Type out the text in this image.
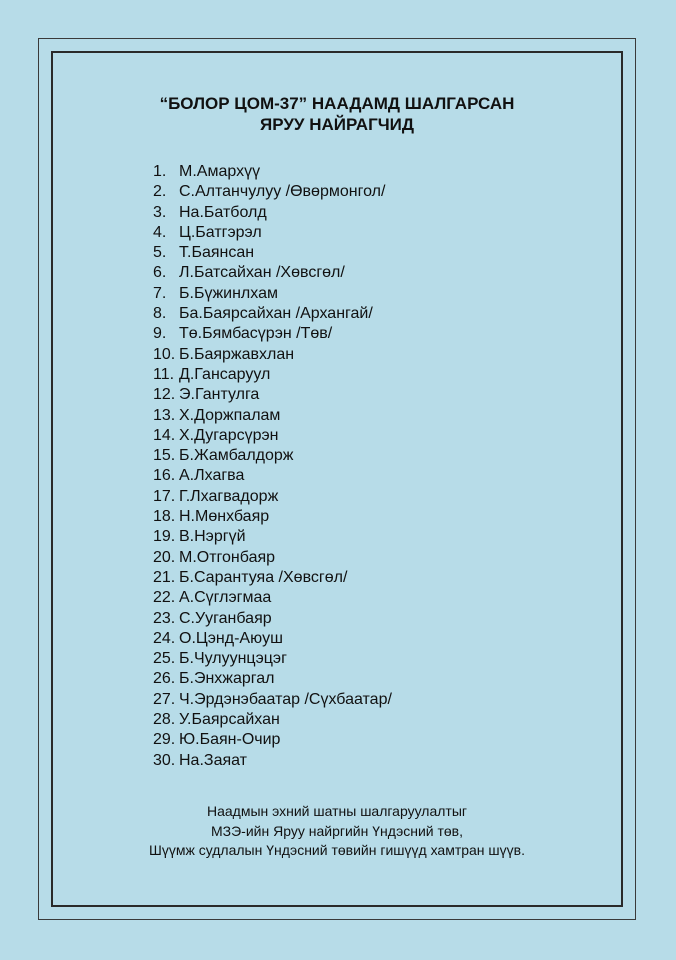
“БОЛОР ЦОМ-37” НААДАМД ШАЛГАРСАН
ЯРУУ НАЙРАГЧИД
1. М.Амархүү
2. С.Алтанчулуу /Өвөрмонгол/
3. На.Батболд
4. Ц.Батгэрэл
5. Т.Баянсан
6. Л.Батсайхан /Хөвсгөл/
7. Б.Бүжинлхам
8. Ба.Баярсайхан /Архангай/
9. Тө.Бямбасүрэн /Төв/
10. Б.Баяржавхлан
11. Д.Гансаруул
12. Э.Гантулга
13. Х.Доржпалам
14. Х.Дугарсүрэн
15. Б.Жамбалдорж
16. А.Лхагва
17. Г.Лхагвадорж
18. Н.Мөнхбаяр
19. В.Нэргүй
20. М.Отгонбаяр
21. Б.Сарантуяа /Хөвсгөл/
22. А.Сүглэгмаа
23. С.Ууганбаяр
24. О.Цэнд-Аюуш
25. Б.Чулуунцэцэг
26. Б.Энхжаргал
27. Ч.Эрдэнэбаатар /Сүхбаатар/
28. У.Баярсайхан
29. Ю.Баян-Очир
30. На.Заяат
Наадмын эхний шатны шалгаруулалтыг
МЗЭ-ийн Яруу найргийн Үндэсний төв,
Шүүмж судлалын Үндэсний төвийн гишүүд хамтран шүүв.
